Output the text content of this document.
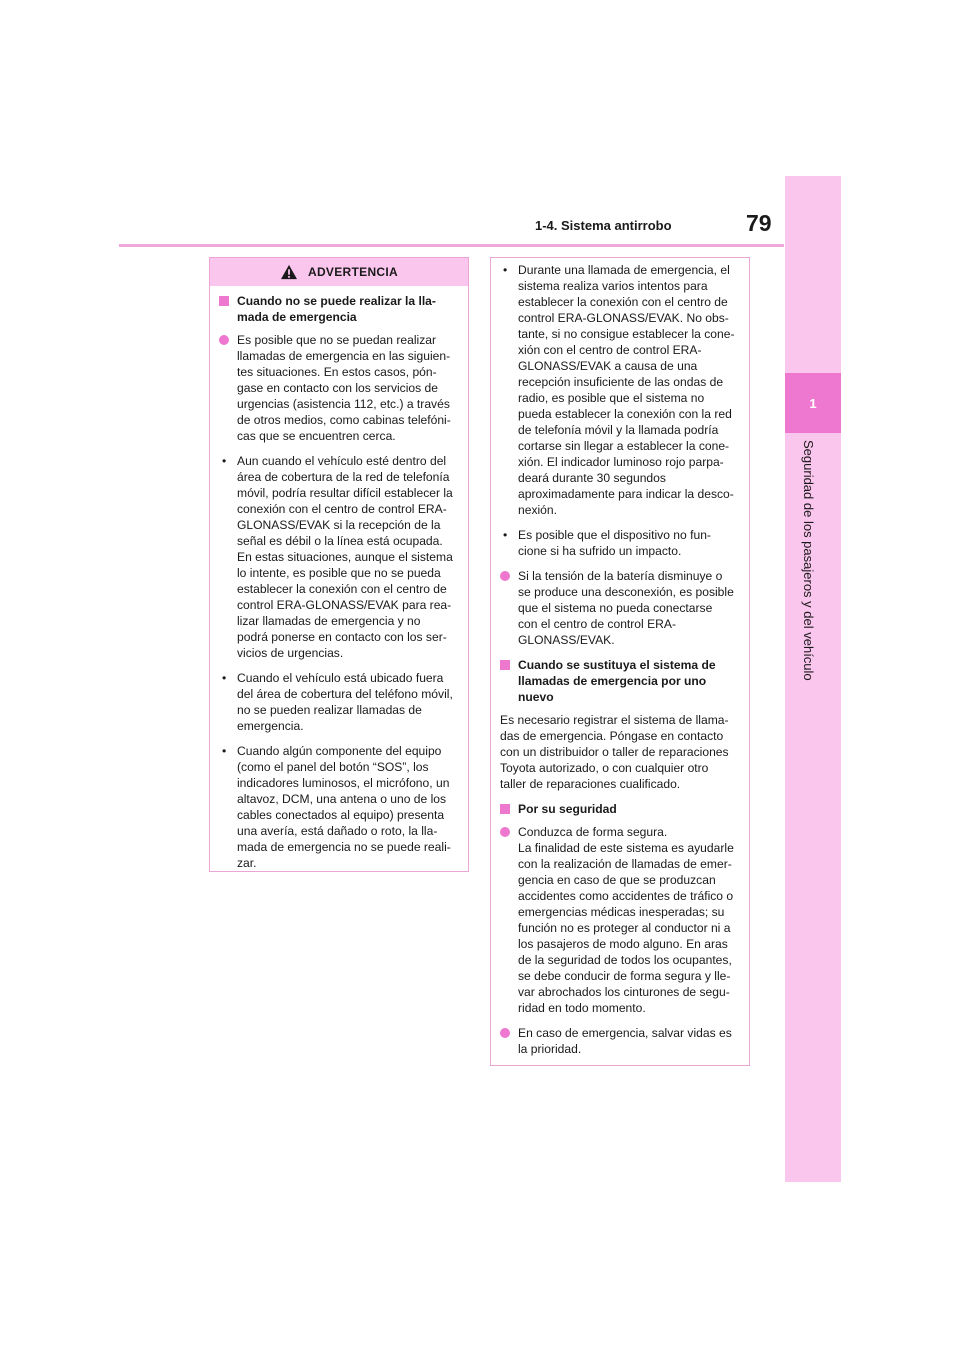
1
Seguridad de los pasajeros y del vehículo
1-4. Sistema antirrobo	79
ADVERTENCIA
Cuando no se puede realizar la lla-
mada de emergencia
Es posible que no se puedan realizar
llamadas de emergencia en las siguien-
tes situaciones. En estos casos, pón-
gase en contacto con los servicios de
urgencias (asistencia 112, etc.) a través
de otros medios, como cabinas telefóni-
cas que se encuentren cerca.
• Aun cuando el vehículo esté dentro del
área de cobertura de la red de telefonía
móvil, podría resultar difícil establecer la
conexión con el centro de control ERA-
GLONASS/EVAK si la recepción de la
señal es débil o la línea está ocupada.
En estas situaciones, aunque el sistema
lo intente, es posible que no se pueda
establecer la conexión con el centro de
control ERA-GLONASS/EVAK para rea-
lizar llamadas de emergencia y no
podrá ponerse en contacto con los ser-
vicios de urgencias.
• Cuando el vehículo está ubicado fuera
del área de cobertura del teléfono móvil,
no se pueden realizar llamadas de
emergencia.
• Cuando algún componente del equipo
(como el panel del botón “SOS”, los
indicadores luminosos, el micrófono, un
altavoz, DCM, una antena o uno de los
cables conectados al equipo) presenta
una avería, está dañado o roto, la lla-
mada de emergencia no se puede reali-
zar.
• Durante una llamada de emergencia, el
sistema realiza varios intentos para
establecer la conexión con el centro de
control ERA-GLONASS/EVAK. No obs-
tante, si no consigue establecer la cone-
xión con el centro de control ERA-
GLONASS/EVAK a causa de una
recepción insuficiente de las ondas de
radio, es posible que el sistema no
pueda establecer la conexión con la red
de telefonía móvil y la llamada podría
cortarse sin llegar a establecer la cone-
xión. El indicador luminoso rojo parpa-
deará durante 30 segundos
aproximadamente para indicar la desco-
nexión.
• Es posible que el dispositivo no fun-
cione si ha sufrido un impacto.
Si la tensión de la batería disminuye o
se produce una desconexión, es posible
que el sistema no pueda conectarse
con el centro de control ERA-
GLONASS/EVAK.
Cuando se sustituya el sistema de
llamadas de emergencia por uno
nuevo
Es necesario registrar el sistema de llama-
das de emergencia. Póngase en contacto
con un distribuidor o taller de reparaciones
Toyota autorizado, o con cualquier otro
taller de reparaciones cualificado.
Por su seguridad
Conduzca de forma segura.
La finalidad de este sistema es ayudarle
con la realización de llamadas de emer-
gencia en caso de que se produzcan
accidentes como accidentes de tráfico o
emergencias médicas inesperadas; su
función no es proteger al conductor ni a
los pasajeros de modo alguno. En aras
de la seguridad de todos los ocupantes,
se debe conducir de forma segura y lle-
var abrochados los cinturones de segu-
ridad en todo momento.
En caso de emergencia, salvar vidas es
la prioridad.
